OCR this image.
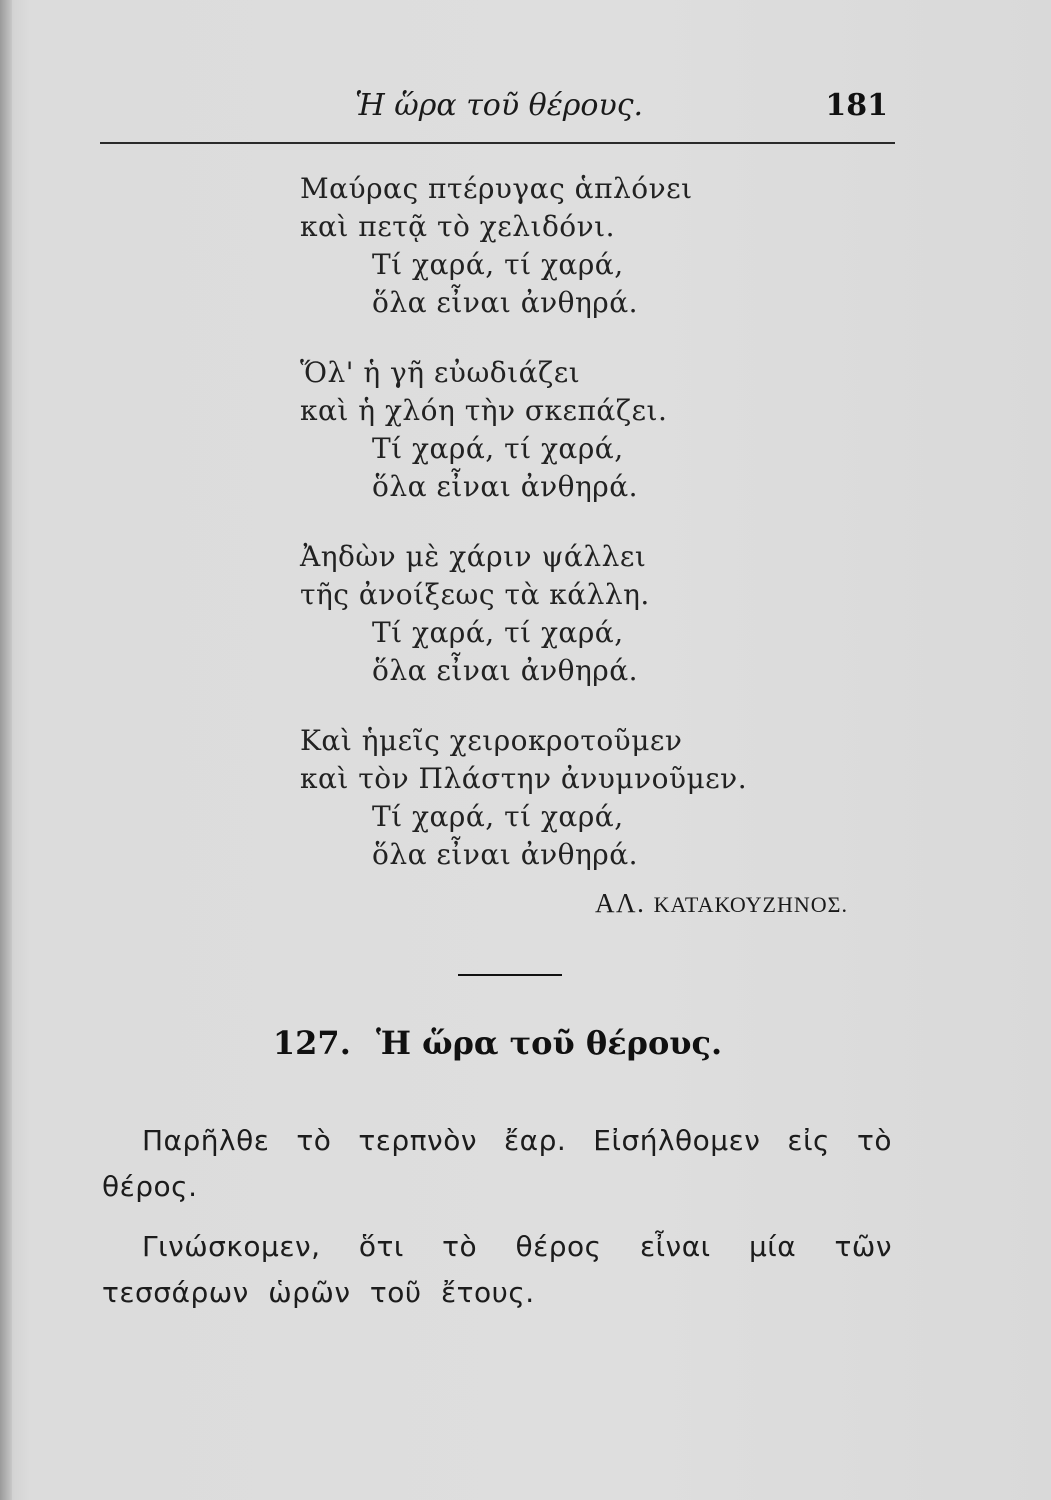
Ἡ ὥρα τοῦ θέρους.	181
Μαύρας πτέρυγας ἁπλόνει
καὶ πετᾷ τὸ χελιδόνι.
Τί χαρά, τί χαρά,
ὅλα εἶναι ἀνθηρά.
Ὅλ' ἡ γῆ εὐωδιάζει
καὶ ἡ χλόη τὴν σκεπάζει.
Τί χαρά, τί χαρά,
ὅλα εἶναι ἀνθηρά.
Ἀηδὼν μὲ χάριν ψάλλει
τῆς ἀνοίξεως τὰ κάλλη.
Τί χαρά, τί χαρά,
ὅλα εἶναι ἀνθηρά.
Καὶ ἡμεῖς χειροκροτοῦμεν
καὶ τὸν Πλάστην ἀνυμνοῦμεν.
Τί χαρά, τί χαρά,
ὅλα εἶναι ἀνθηρά.
ΑΛ. ΚΑΤΑΚΟΥΖΗΝΟΣ.
127. Ἡ ὥρα τοῦ θέρους.

Παρῆλθε τὸ τερπνὸν ἔαρ. Εἰσήλθομεν εἰς τὸ θέρος.

Γινώσκομεν, ὅτι τὸ θέρος εἶναι μία τῶν τεσσάρων ὡρῶν τοῦ ἔτους.
